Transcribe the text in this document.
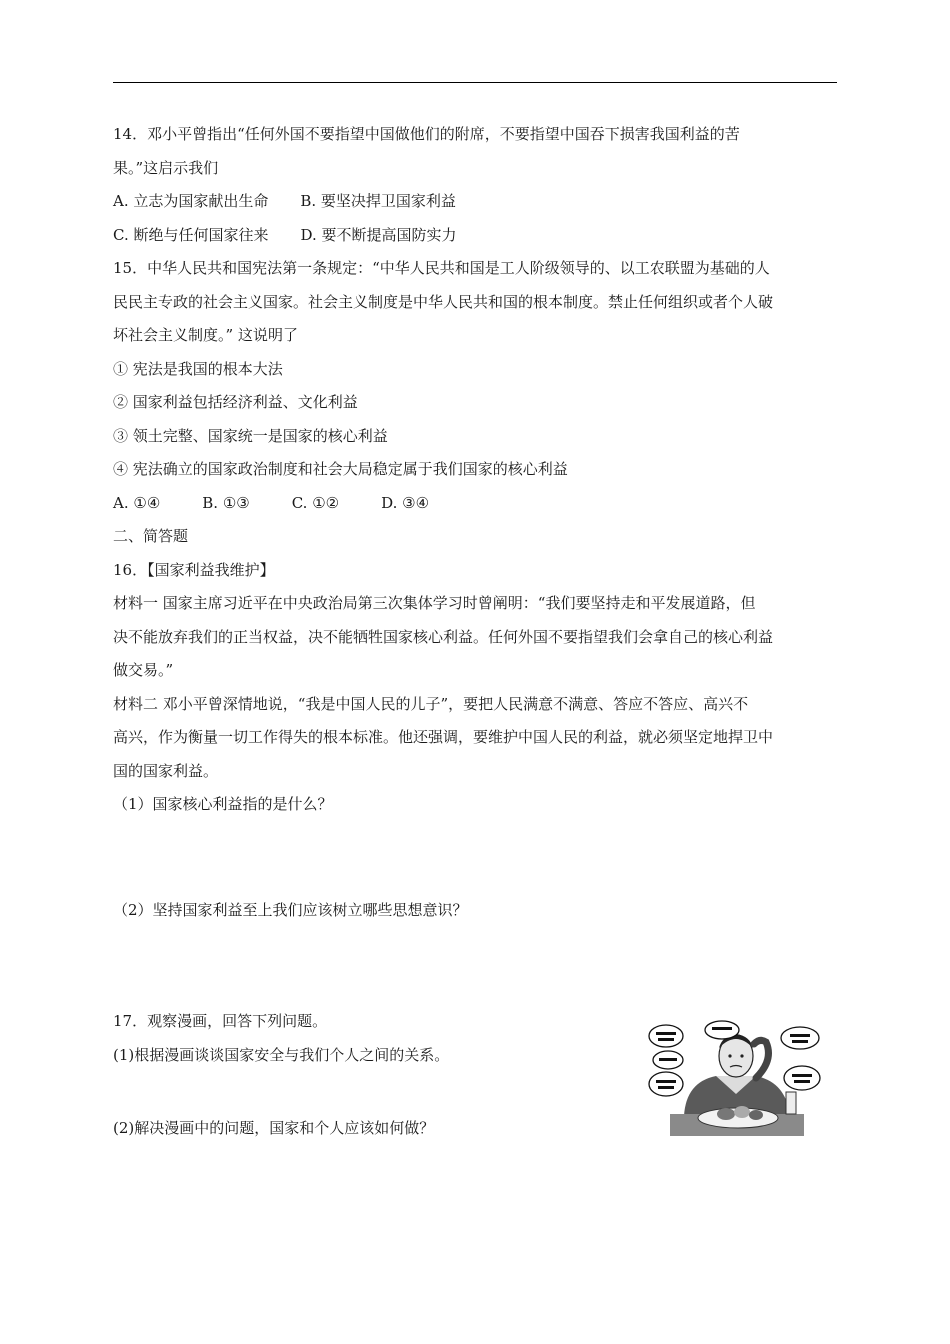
14．邓小平曾指出“任何外国不要指望中国做他们的附席，不要指望中国吞下损害我国利益的苦
果。”这启示我们
A. 立志为国家献出生命 B. 要坚决捍卫国家利益
C. 断绝与任何国家往来 D. 要不断提高国防实力
15．中华人民共和国宪法第一条规定：“中华人民共和国是工人阶级领导的、以工农联盟为基础的人
民民主专政的社会主义国家。社会主义制度是中华人民共和国的根本制度。禁止任何组织或者个人破
坏社会主义制度。” 这说明了
① 宪法是我国的根本大法
② 国家利益包括经济利益、文化利益
③ 领土完整、国家统一是国家的核心利益
④ 宪法确立的国家政治制度和社会大局稳定属于我们国家的核心利益
A. ①④	B. ①③	C. ①②	D. ③④
二、简答题
16．【国家利益我维护】
材料一 国家主席习近平在中央政治局第三次集体学习时曾阐明：“我们要坚持走和平发展道路，但
决不能放弃我们的正当权益，决不能牺牲国家核心利益。任何外国不要指望我们会拿自己的核心利益
做交易。”
材料二 邓小平曾深情地说，“我是中国人民的儿子”，要把人民满意不满意、答应不答应、高兴不
高兴，作为衡量一切工作得失的根本标准。他还强调，要维护中国人民的利益，就必须坚定地捍卫中
国的国家利益。
（1）国家核心利益指的是什么？
（2）坚持国家利益至上我们应该树立哪些思想意识？
17．观察漫画，回答下列问题。
(1)根据漫画谈谈国家安全与我们个人之间的关系。
(2)解决漫画中的问题，国家和个人应该如何做？
